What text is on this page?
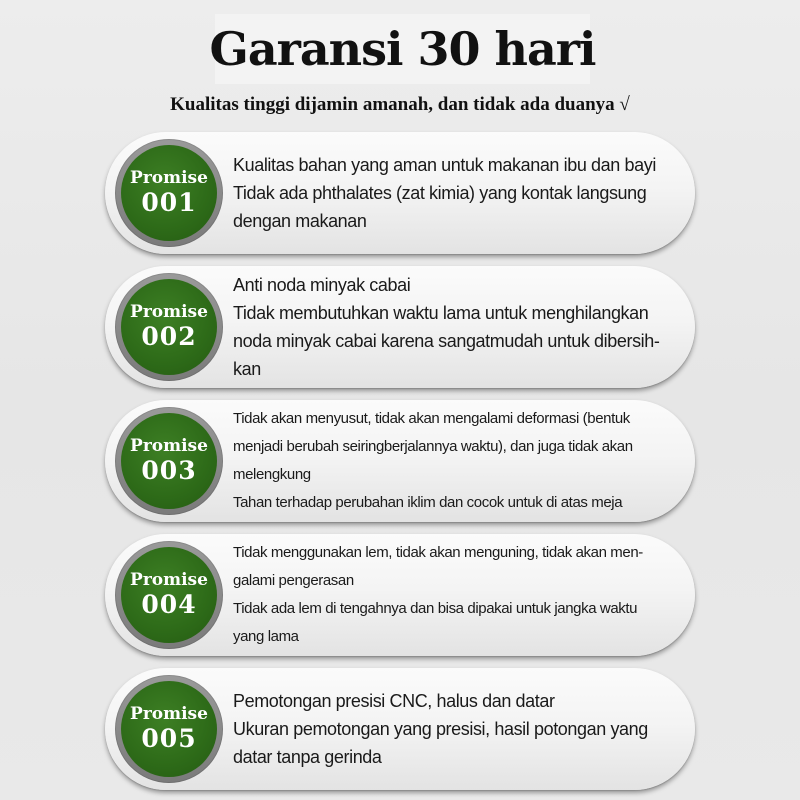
Garansi 30 hari
Kualitas tinggi dijamin amanah, dan tidak ada duanya √
Promise
001
Kualitas bahan yang aman untuk makanan ibu dan bayi
Tidak ada phthalates (zat kimia) yang kontak langsung
dengan makanan
Promise
002
Anti noda minyak cabai
Tidak membutuhkan waktu lama untuk menghilangkan
noda minyak cabai karena sangatmudah untuk dibersih-
kan
Promise
003
Tidak akan menyusut, tidak akan mengalami deformasi (bentuk
menjadi berubah seiringberjalannya waktu), dan juga tidak akan
melengkung
Tahan terhadap perubahan iklim dan cocok untuk di atas meja
Promise
004
Tidak menggunakan lem, tidak akan menguning, tidak akan men-
galami pengerasan
Tidak ada lem di tengahnya dan bisa dipakai untuk jangka waktu
yang lama
Promise
005
Pemotongan presisi CNC, halus dan datar
Ukuran pemotongan yang presisi, hasil potongan yang
datar tanpa gerinda
